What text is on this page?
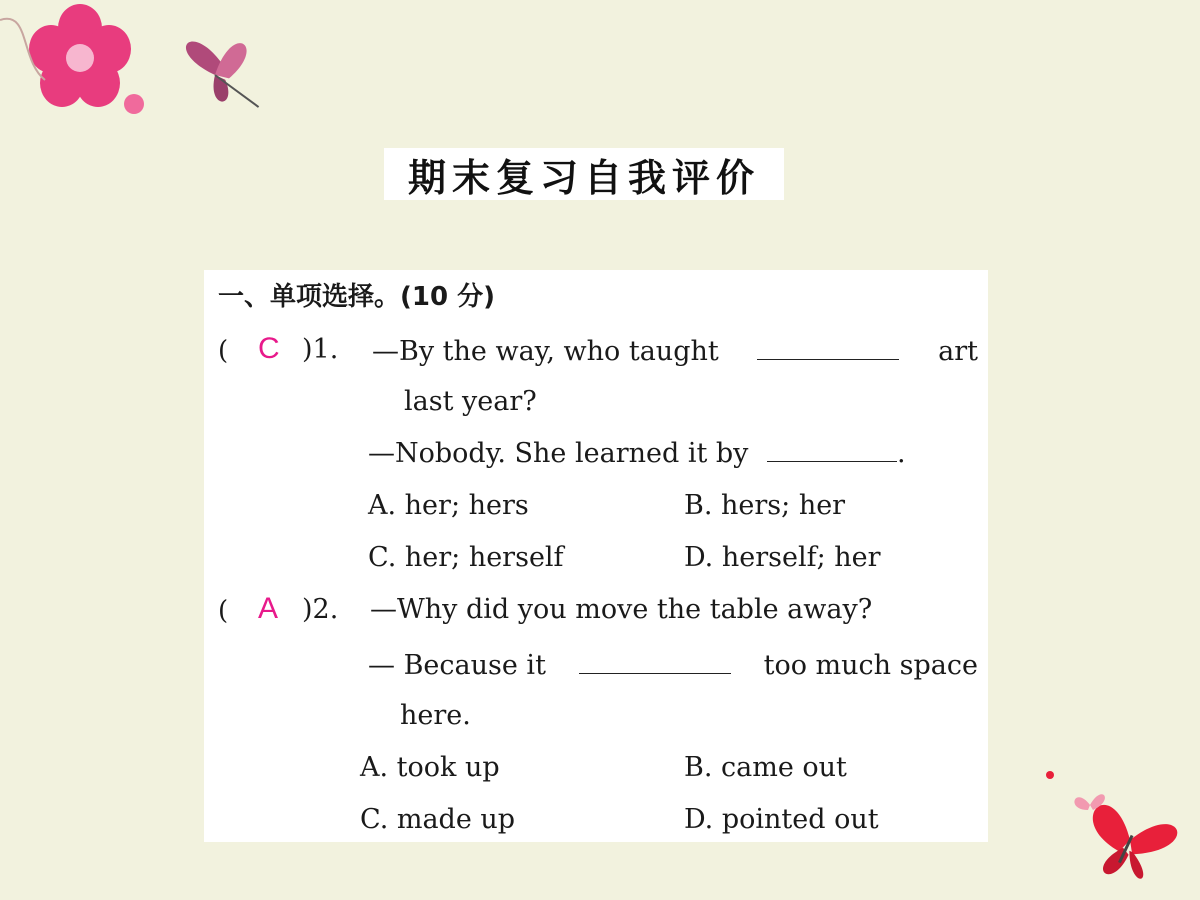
期末复习自我评价
一、单项选择。(10 分)
( C )1. —By the way, who taught	art
last year?
—Nobody. She learned it by	.
A. her; hers	B. hers; her
C. her; herself	D. herself; her
( A )2. —Why did you move the table away?
— Because it	too much space
here.
A. took up	B. came out
C. made up	D. pointed out
